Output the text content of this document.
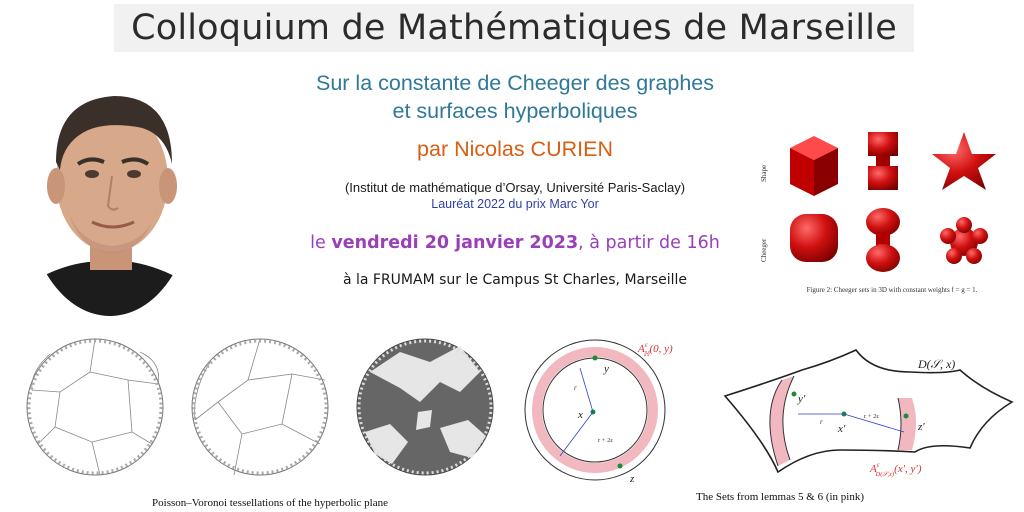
Colloquium de Mathématiques de Marseille
Sur la constante de Cheeger des graphes
et surfaces hyperboliques
par Nicolas CURIEN
(Institut de mathématique d’Orsay, Université Paris-Saclay)
Lauréat 2022 du prix Marc Yor
le vendredi 20 janvier 2023, à partir de 16h
à la FRUMAM sur le Campus St Charles, Marseille
Shape
Cheeger
Figure 2: Cheeger sets in 3D with constant weights f = g = 1.
r
r + 2ε
y
x
z
$A^\varepsilon$ ℍ(0, y)
r
r + 2ε
y′
x′	z′
D(𝒮, x)
$A^\varepsilon$ D(𝒮,x)(x′, y′)
Poisson–Voronoi tessellations of the hyperbolic plane	The Sets from lemmas 5 & 6 (in pink)
